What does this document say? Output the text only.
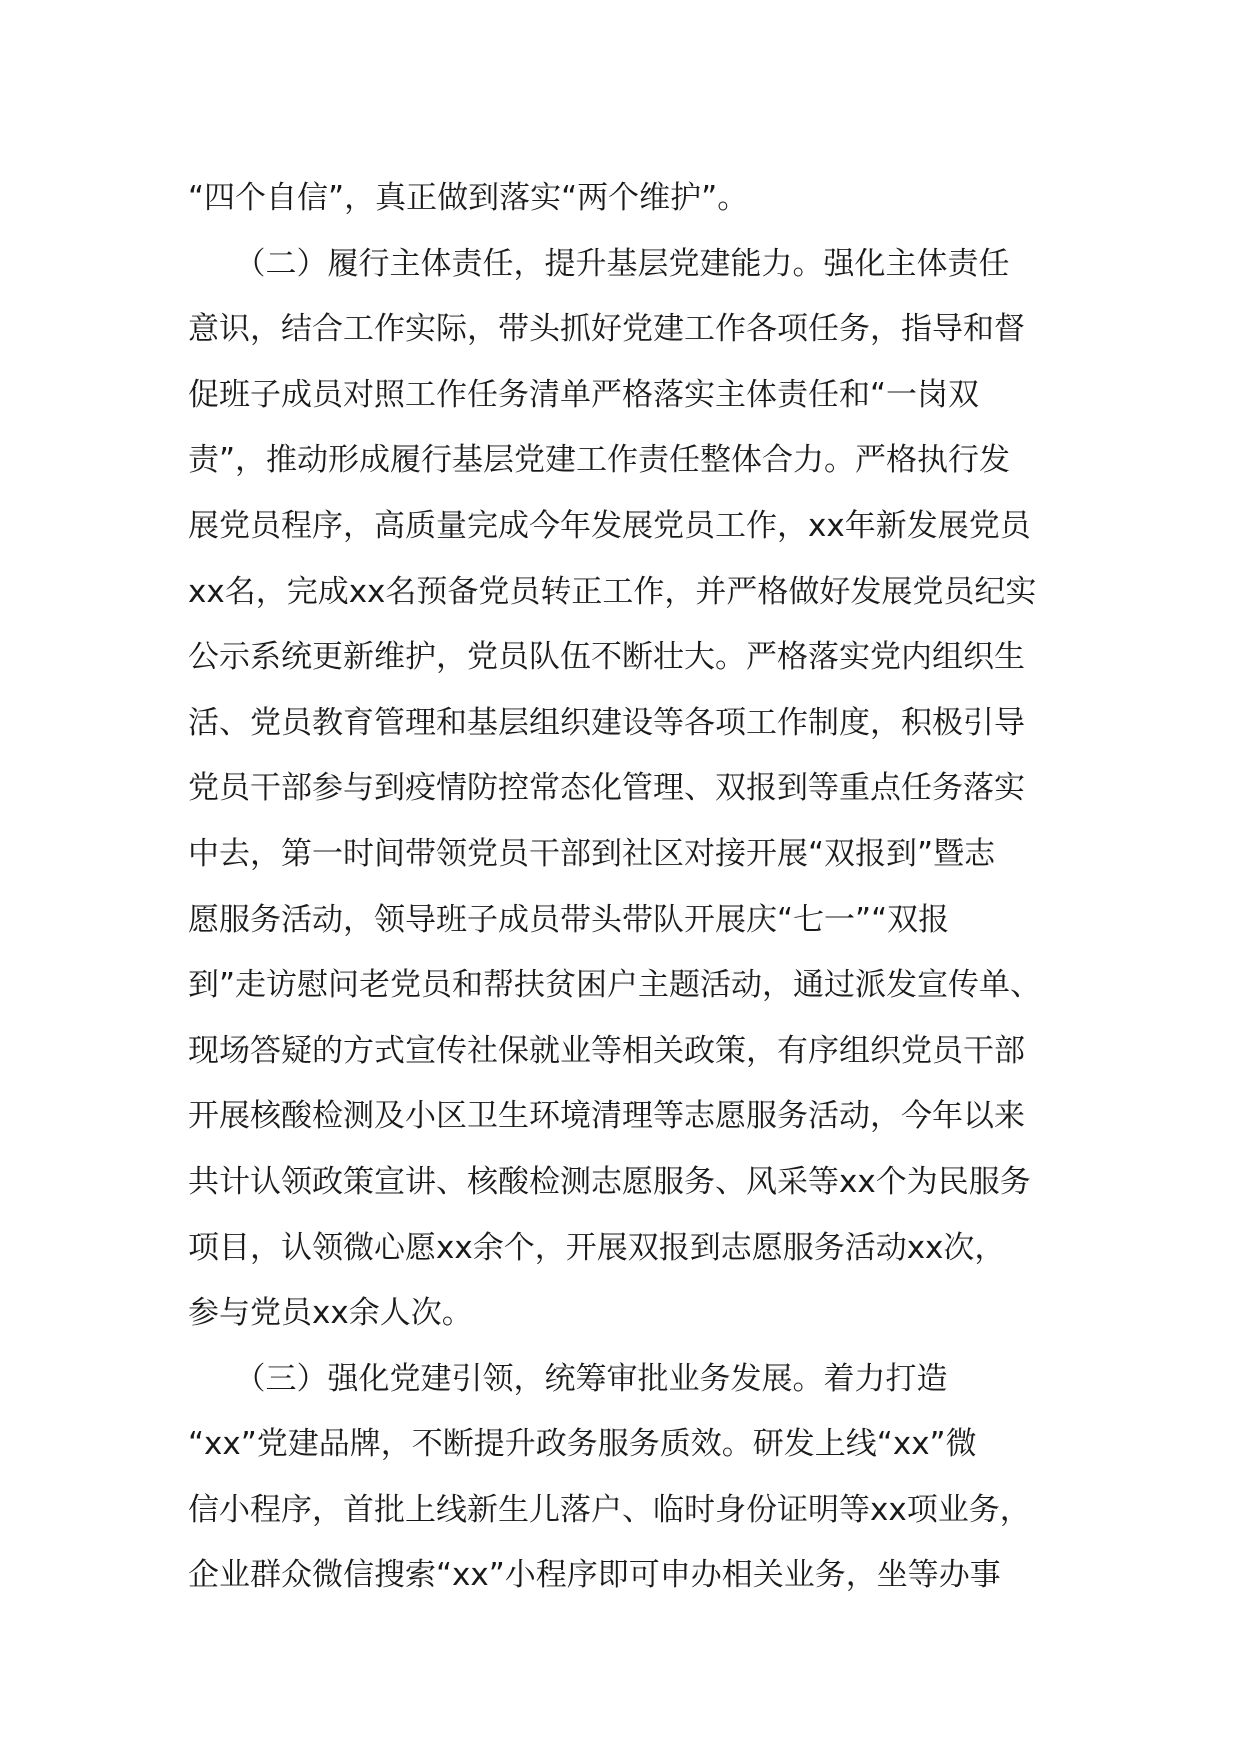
“四个自信”，真正做到落实“两个维护”。
　　（二）履行主体责任，提升基层党建能力。强化主体责任
意识，结合工作实际，带头抓好党建工作各项任务，指导和督
促班子成员对照工作任务清单严格落实主体责任和“一岗双
责”，推动形成履行基层党建工作责任整体合力。严格执行发
展党员程序，高质量完成今年发展党员工作，xx年新发展党员
xx名，完成xx名预备党员转正工作，并严格做好发展党员纪实
公示系统更新维护，党员队伍不断壮大。严格落实党内组织生
活、党员教育管理和基层组织建设等各项工作制度，积极引导
党员干部参与到疫情防控常态化管理、双报到等重点任务落实
中去，第一时间带领党员干部到社区对接开展“双报到”暨志
愿服务活动，领导班子成员带头带队开展庆“七一”“双报
到”走访慰问老党员和帮扶贫困户主题活动，通过派发宣传单、
现场答疑的方式宣传社保就业等相关政策，有序组织党员干部
开展核酸检测及小区卫生环境清理等志愿服务活动，今年以来
共计认领政策宣讲、核酸检测志愿服务、风采等xx个为民服务
项目，认领微心愿xx余个，开展双报到志愿服务活动xx次，
参与党员xx余人次。
　　（三）强化党建引领，统筹审批业务发展。着力打造
“xx”党建品牌，不断提升政务服务质效。研发上线“xx”微
信小程序，首批上线新生儿落户、临时身份证明等xx项业务，
企业群众微信搜索“xx”小程序即可申办相关业务，坐等办事
